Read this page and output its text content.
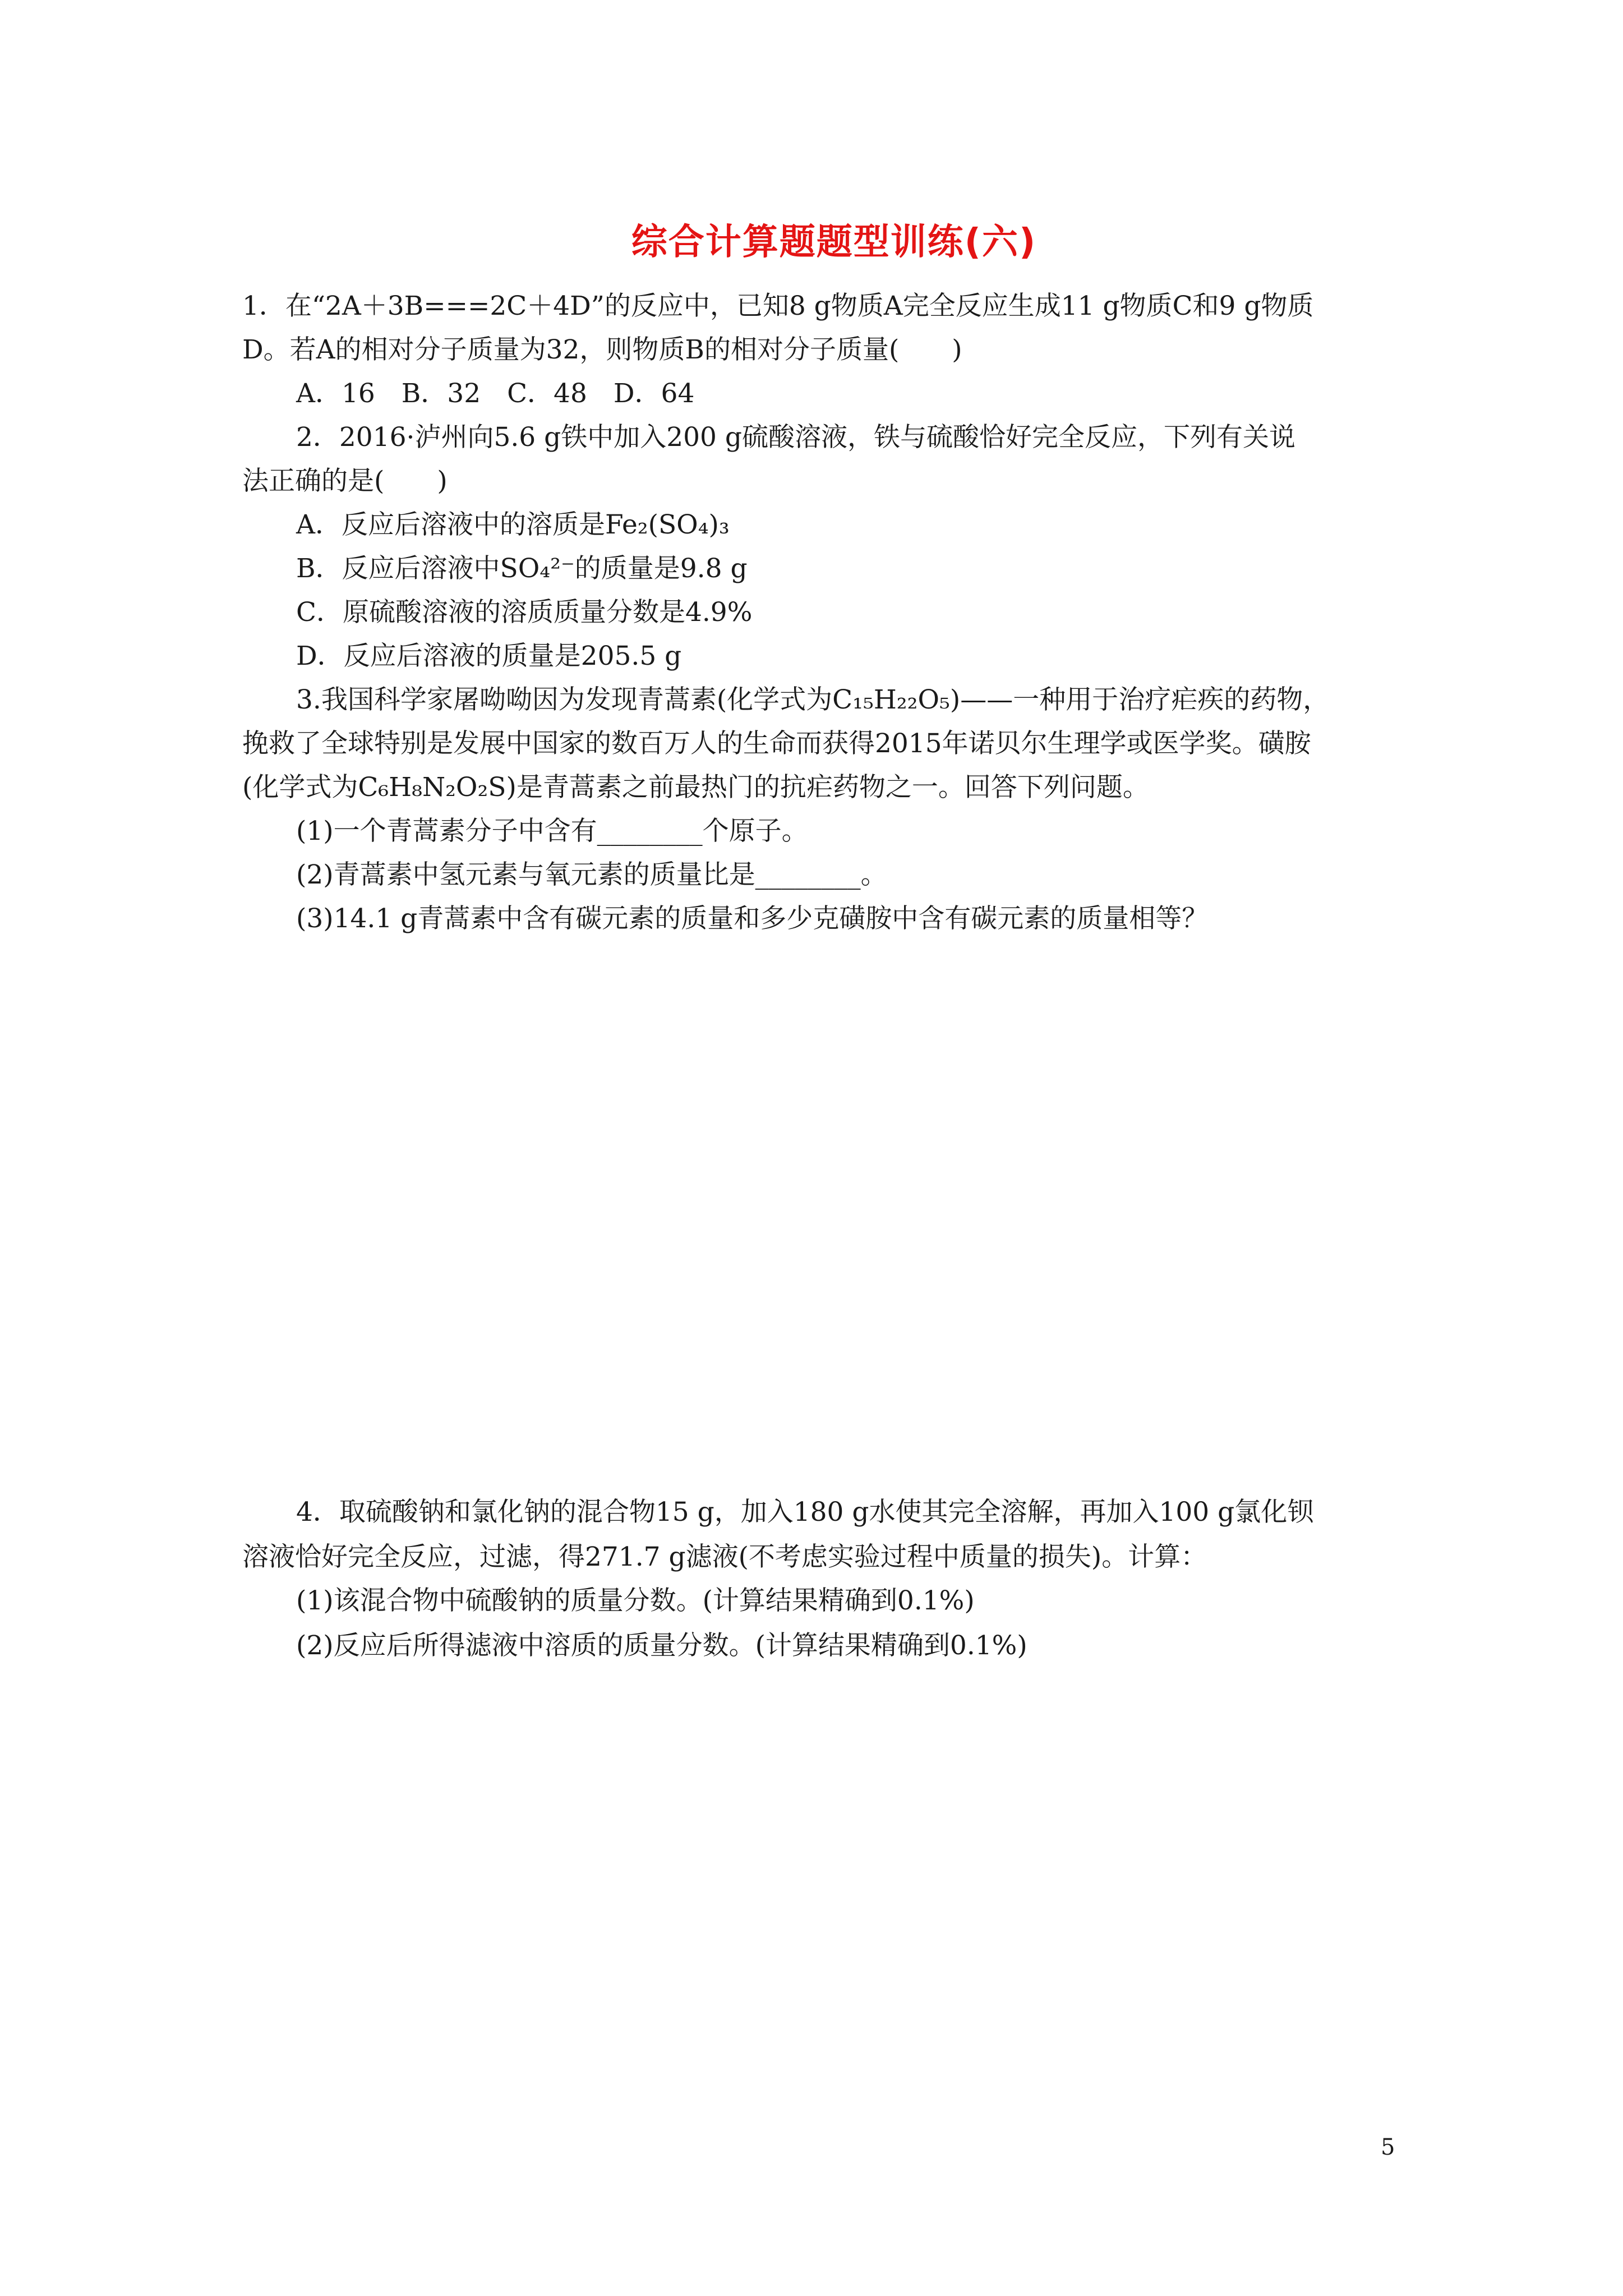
综合计算题题型训练(六)
1．在“2A＋3B===2C＋4D”的反应中，已知8 g物质A完全反应生成11 g物质C和9 g物质
D。若A的相对分子质量为32，则物质B的相对分子质量(　　)
A．16　B．32　C．48　D．64
2．2016·泸州向5.6 g铁中加入200 g硫酸溶液，铁与硫酸恰好完全反应，下列有关说
法正确的是(　　)
A．反应后溶液中的溶质是Fe₂(SO₄)₃
B．反应后溶液中SO₄²⁻的质量是9.8 g
C．原硫酸溶液的溶质质量分数是4.9%
D．反应后溶液的质量是205.5 g
3.我国科学家屠呦呦因为发现青蒿素(化学式为C₁₅H₂₂O₅)——一种用于治疗疟疾的药物，
挽救了全球特别是发展中国家的数百万人的生命而获得2015年诺贝尔生理学或医学奖。磺胺
(化学式为C₆H₈N₂O₂S)是青蒿素之前最热门的抗疟药物之一。回答下列问题。
(1)一个青蒿素分子中含有________个原子。
(2)青蒿素中氢元素与氧元素的质量比是________。
(3)14.1 g青蒿素中含有碳元素的质量和多少克磺胺中含有碳元素的质量相等？
4．取硫酸钠和氯化钠的混合物15 g，加入180 g水使其完全溶解，再加入100 g氯化钡
溶液恰好完全反应，过滤，得271.7 g滤液(不考虑实验过程中质量的损失)。计算：
(1)该混合物中硫酸钠的质量分数。(计算结果精确到0.1%)
(2)反应后所得滤液中溶质的质量分数。(计算结果精确到0.1%)
5
